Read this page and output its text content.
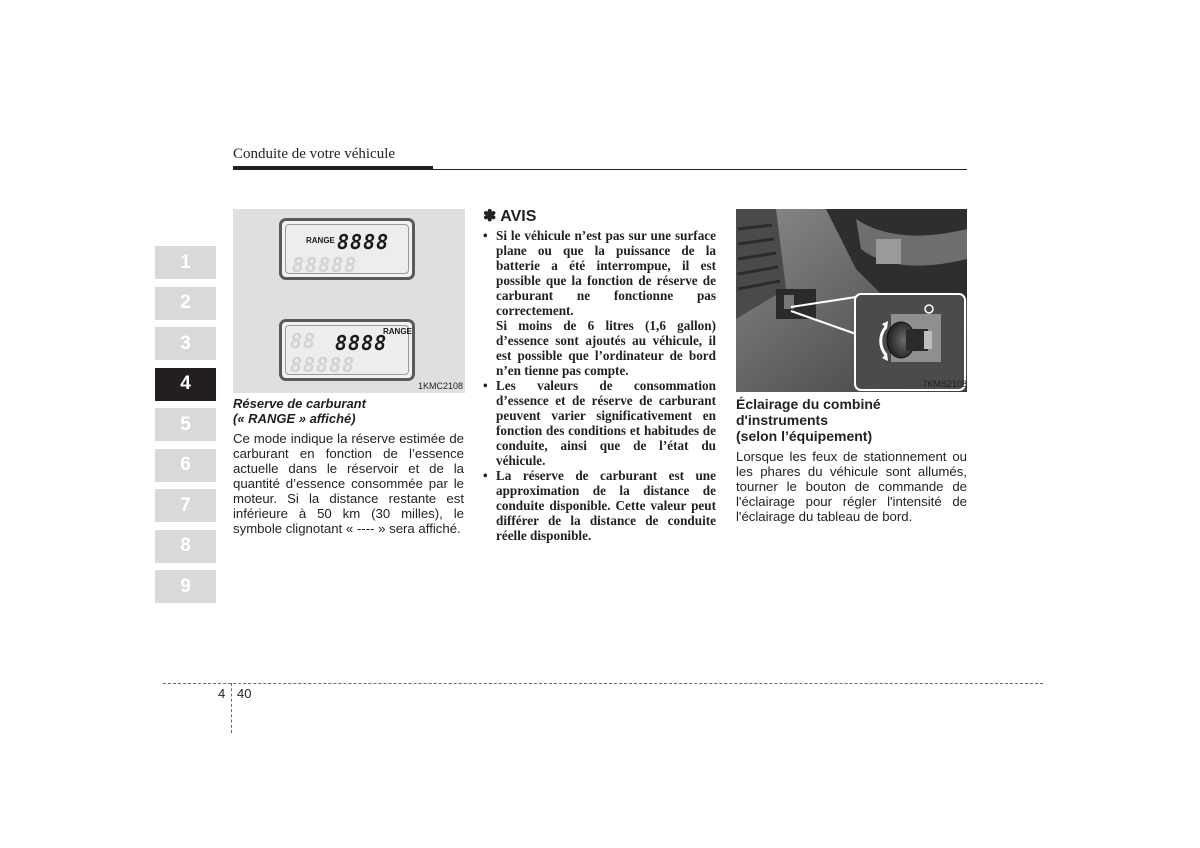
Conduite de votre véhicule
1
2
3
4
5
6
7
8
9
RANGE 8888
88888
RANGE
88 8888
88888
1KMC2108
Réserve de carburant
(« RANGE » affiché)
Ce mode indique la réserve estimée de carburant en fonction de l’essence actuelle dans le réservoir et de la quantité d’essence consommée par le moteur. Si la distance restante est inférieure à 50 km (30 milles), le symbole clignotant « ---- » sera affiché.
✽ AVIS
• Si le véhicule n’est pas sur une surface plane ou que la puissance de la batterie a été interrompue, il est possible que la fonction de réserve de carburant ne fonctionne pas correctement.
Si moins de 6 litres (1,6 gallon) d’essence sont ajoutés au véhicule, il est possible que l’ordinateur de bord n’en tienne pas compte.
• Les valeurs de consommation d’essence et de réserve de carburant peuvent varier significativement en fonction des conditions et habitudes de conduite, ainsi que de l’état du véhicule.
• La réserve de carburant est une approximation de la distance de conduite disponible. Cette valeur peut différer de la distance de conduite réelle disponible.
7KMS2108
Éclairage du combiné
d'instruments
(selon l’équipement)
Lorsque les feux de stationnement ou les phares du véhicule sont allumés, tourner le bouton de commande de l'éclairage pour régler l'intensité de l'éclairage du tableau de bord.
4 40
